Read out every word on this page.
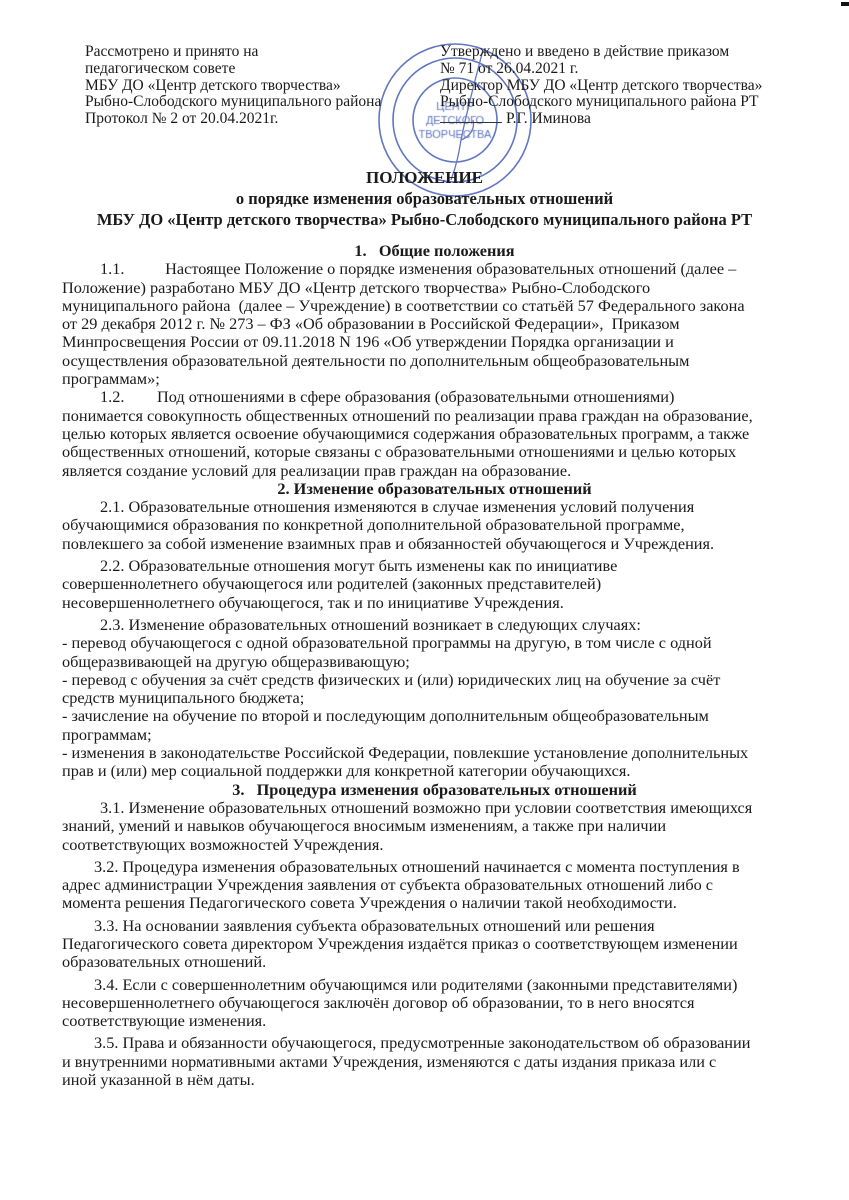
Рассмотрено и принято на
педагогическом совете
МБУ ДО «Центр детского творчества»
Рыбно-Слободского муниципального района
Протокол № 2 от 20.04.2021г.
Утверждено и введено в действие приказом
№ 71 от 26.04.2021 г.
Директор МБУ ДО «Центр детского творчества»
Рыбно-Слободского муниципального района РТ
Р.Г. Иминова
ПОЛОЖЕНИЕ
о порядке изменения образовательных отношений
МБУ ДО «Центр детского творчества» Рыбно-Слободского муниципального района РТ
1.   Общие положения
1.1.          Настоящее Положение о порядке изменения образовательных отношений (далее –
Положение) разработано МБУ ДО «Центр детского творчества» Рыбно-Слободского
муниципального района  (далее – Учреждение) в соответствии со статьёй 57 Федерального закона
от 29 декабря 2012 г. № 273 – ФЗ «Об образовании в Российской Федерации»,  Приказом
Минпросвещения России от 09.11.2018 N 196 «Об утверждении Порядка организации и
осуществления образовательной деятельности по дополнительным общеобразовательным
программам»;
1.2.        Под отношениями в сфере образования (образовательными отношениями)
понимается совокупность общественных отношений по реализации права граждан на образование,
целью которых является освоение обучающимися содержания образовательных программ, а также
общественных отношений, которые связаны с образовательными отношениями и целью которых
является создание условий для реализации прав граждан на образование.
2. Изменение образовательных отношений
2.1. Образовательные отношения изменяются в случае изменения условий получения
обучающимися образования по конкретной дополнительной образовательной программе,
повлекшего за собой изменение взаимных прав и обязанностей обучающегося и Учреждения.
2.2. Образовательные отношения могут быть изменены как по инициативе
совершеннолетнего обучающегося или родителей (законных представителей)
несовершеннолетнего обучающегося, так и по инициативе Учреждения.
2.3. Изменение образовательных отношений возникает в следующих случаях:
- перевод обучающегося с одной образовательной программы на другую, в том числе с одной
общеразвивающей на другую общеразвивающую;
- перевод с обучения за счёт средств физических и (или) юридических лиц на обучение за счёт
средств муниципального бюджета;
- зачисление на обучение по второй и последующим дополнительным общеобразовательным
программам;
- изменения в законодательстве Российской Федерации, повлекшие установление дополнительных
прав и (или) мер социальной поддержки для конкретной категории обучающихся.
3.   Процедура изменения образовательных отношений
3.1. Изменение образовательных отношений возможно при условии соответствия имеющихся
знаний, умений и навыков обучающегося вносимым изменениям, а также при наличии
соответствующих возможностей Учреждения.
3.2. Процедура изменения образовательных отношений начинается с момента поступления в
адрес администрации Учреждения заявления от субъекта образовательных отношений либо с
момента решения Педагогического совета Учреждения о наличии такой необходимости.
3.3. На основании заявления субъекта образовательных отношений или решения
Педагогического совета директором Учреждения издаётся приказ о соответствующем изменении
образовательных отношений.
3.4. Если с совершеннолетним обучающимся или родителями (законными представителями)
несовершеннолетнего обучающегося заключён договор об образовании, то в него вносятся
соответствующие изменения.
3.5. Права и обязанности обучающегося, предусмотренные законодательством об образовании
и внутренними нормативными актами Учреждения, изменяются с даты издания приказа или с
иной указанной в нём даты.
